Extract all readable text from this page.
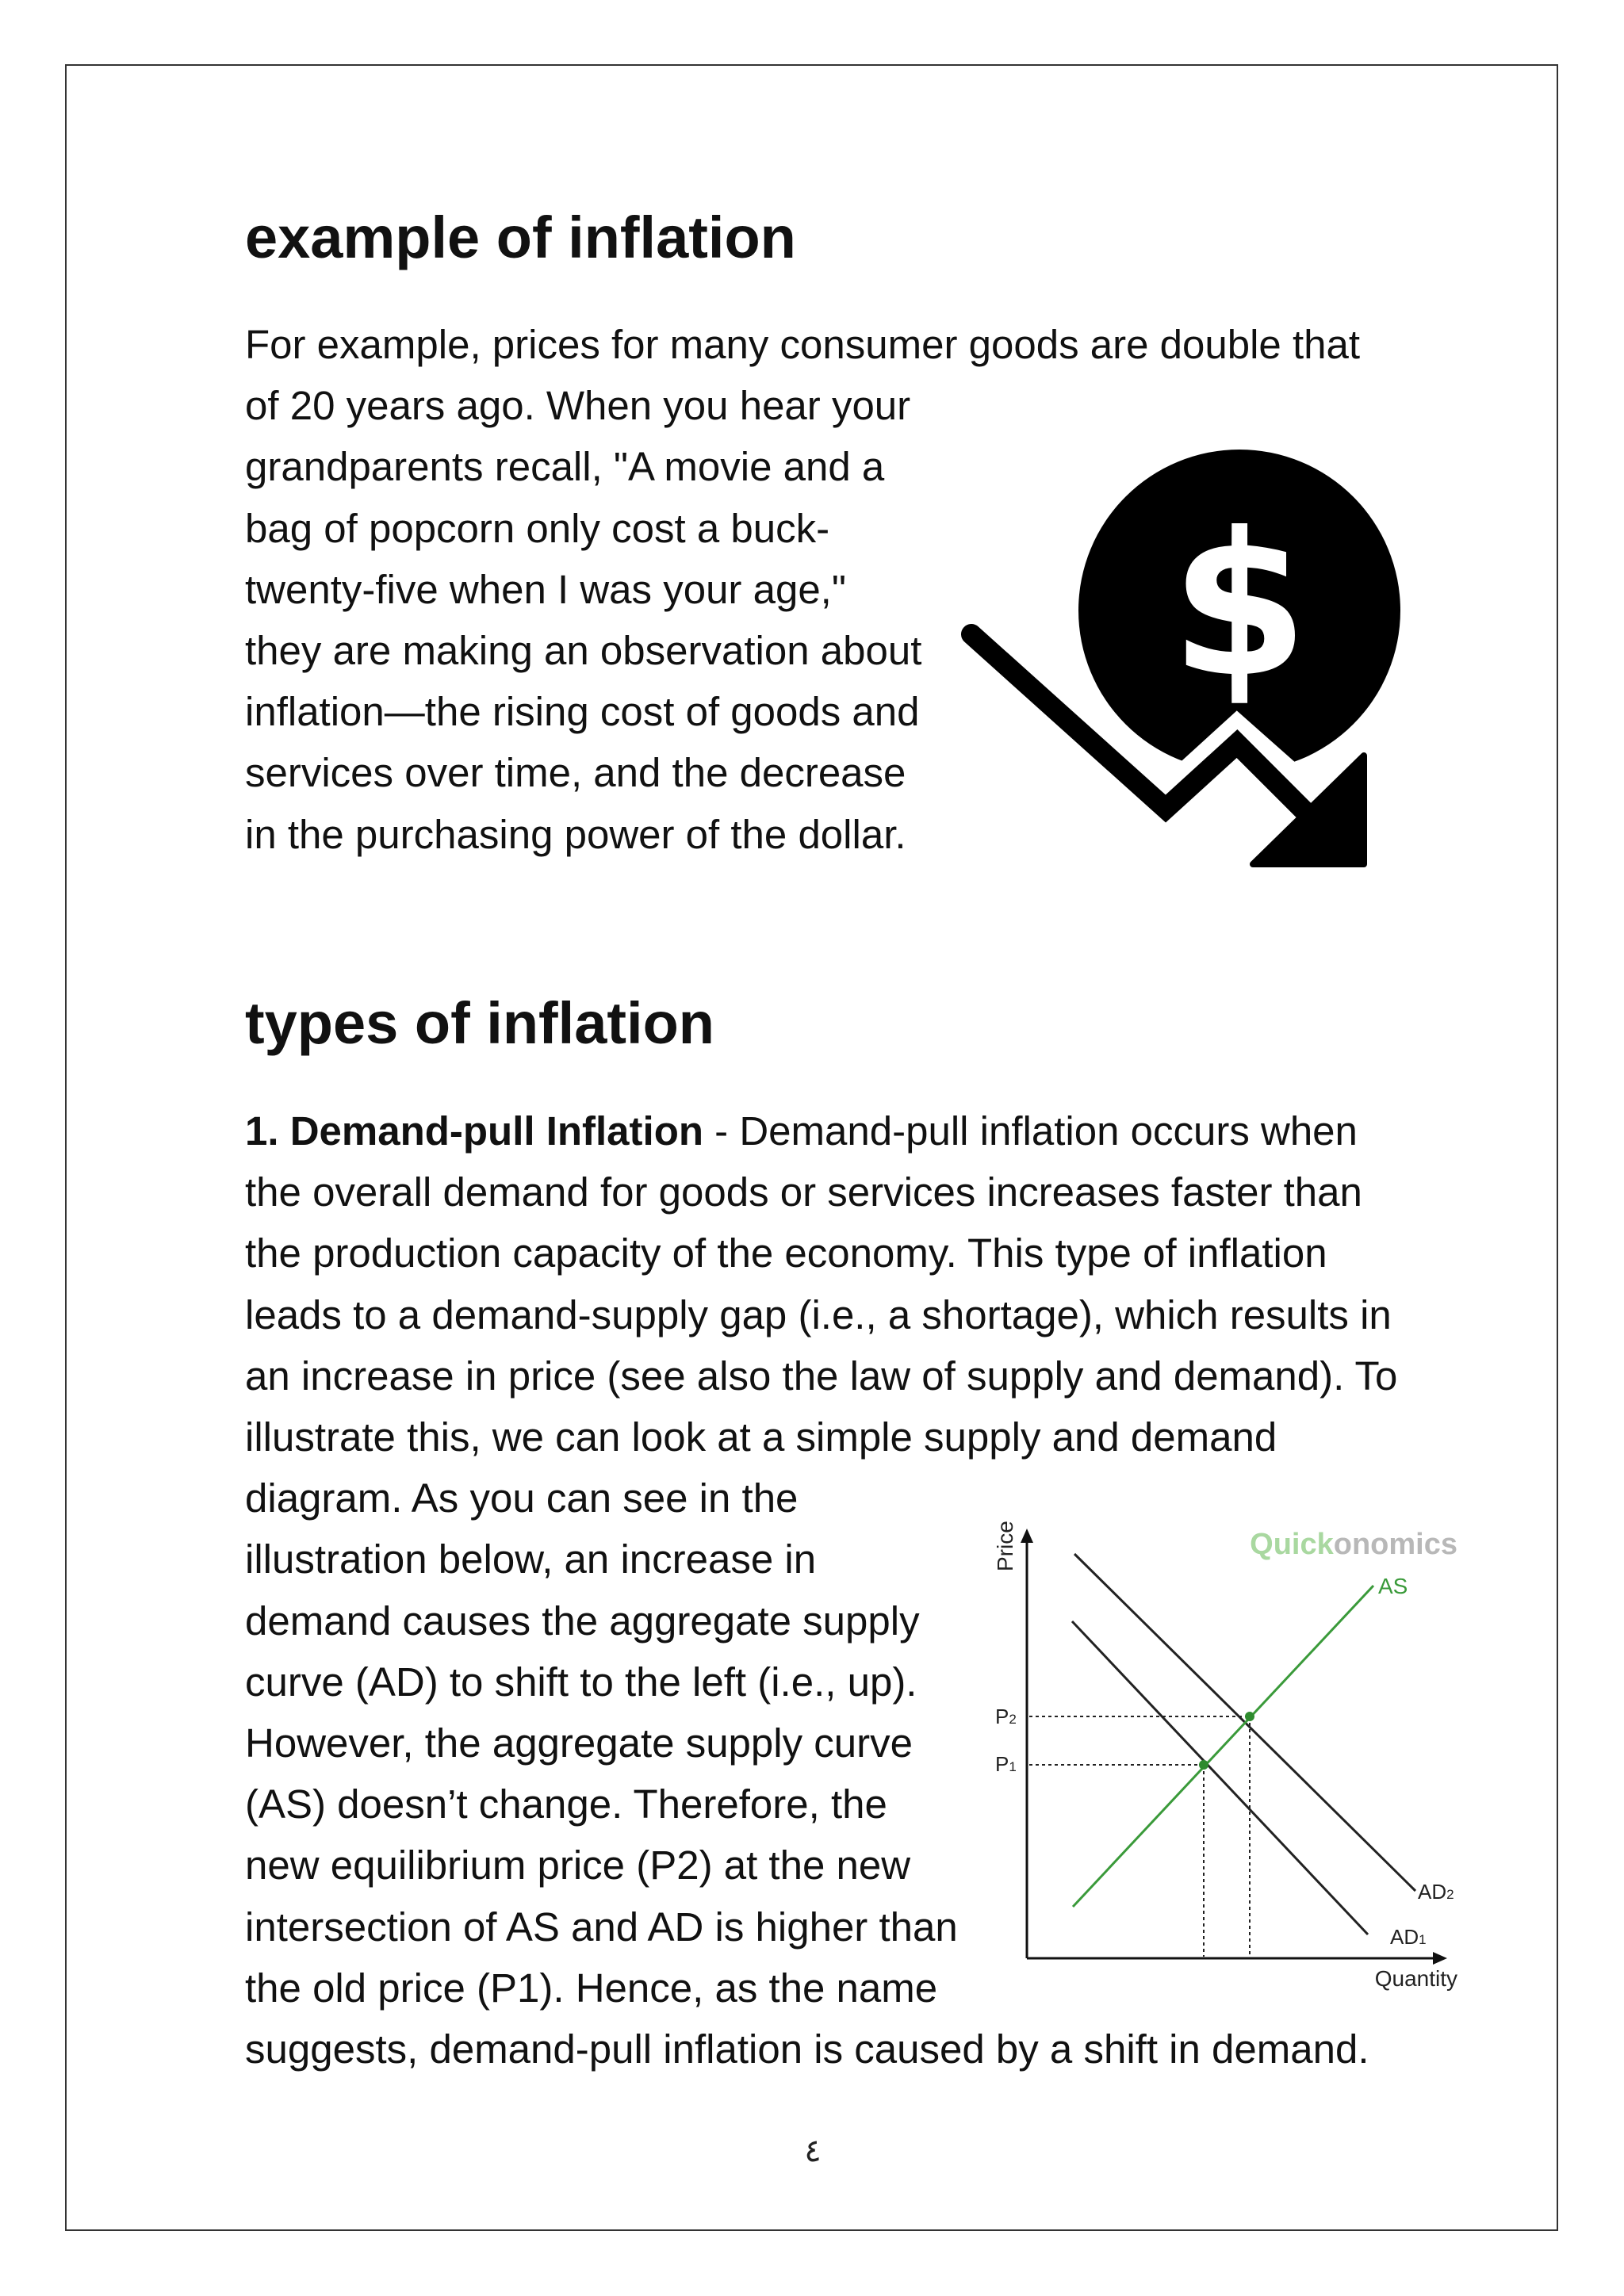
example of inflation
For example, prices for many consumer goods are double that
of 20 years ago. When you hear your
grandparents recall, "A movie and a
bag of popcorn only cost a buck-
twenty-five when I was your age,"
they are making an observation about
inflation—the rising cost of goods and
services over time, and the decrease
in the purchasing power of the dollar.
$
types of inflation
1. Demand-pull Inflation - Demand-pull inflation occurs when
the overall demand for goods or services increases faster than
the production capacity of the economy. This type of inflation
leads to a demand-supply gap (i.e., a shortage), which results in
an increase in price (see also the law of supply and demand). To
illustrate this, we can look at a simple supply and demand
diagram. As you can see in the
illustration below, an increase in
demand causes the aggregate supply
curve (AD) to shift to the left (i.e., up).
However, the aggregate supply curve
(AS) doesn’t change. Therefore, the
new equilibrium price (P2) at the new
intersection of AS and AD is higher than
the old price (P1). Hence, as the name
suggests, demand-pull inflation is caused by a shift in demand.
Price
Quantity
Quickonomics
P2
P1
AS
AD2
AD1
٤
